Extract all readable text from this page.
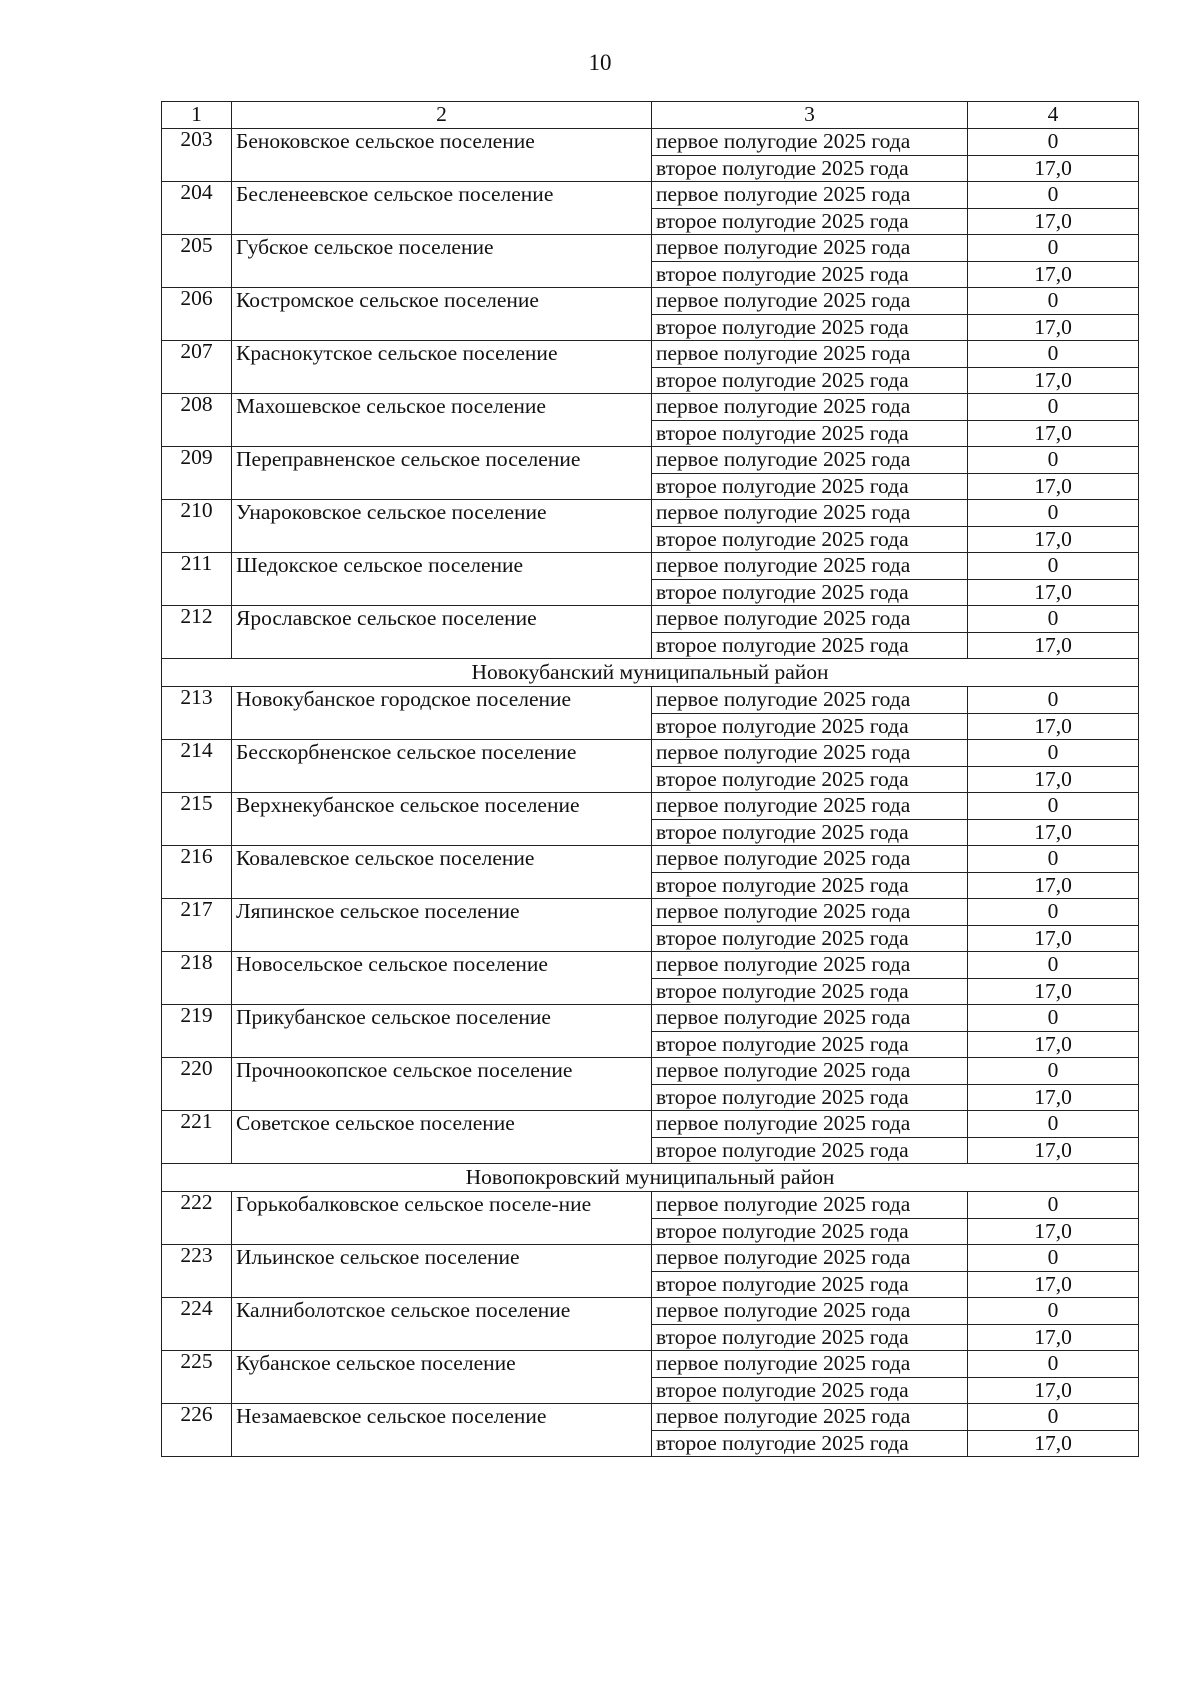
10
1	2	3	4
203	Беноковское сельское поселение	первое полугодие 2025 года	0
		второе полугодие 2025 года	17,0
204	Бесленеевское сельское поселение	первое полугодие 2025 года	0
		второе полугодие 2025 года	17,0
205	Губское сельское поселение	первое полугодие 2025 года	0
		второе полугодие 2025 года	17,0
206	Костромское сельское поселение	первое полугодие 2025 года	0
		второе полугодие 2025 года	17,0
207	Краснокутское сельское поселение	первое полугодие 2025 года	0
		второе полугодие 2025 года	17,0
208	Махошевское сельское поселение	первое полугодие 2025 года	0
		второе полугодие 2025 года	17,0
209	Переправненское сельское поселение	первое полугодие 2025 года	0
		второе полугодие 2025 года	17,0
210	Унароковское сельское поселение	первое полугодие 2025 года	0
		второе полугодие 2025 года	17,0
211	Шедокское сельское поселение	первое полугодие 2025 года	0
		второе полугодие 2025 года	17,0
212	Ярославское сельское поселение	первое полугодие 2025 года	0
		второе полугодие 2025 года	17,0
Новокубанский муниципальный район			
213	Новокубанское городское поселение	первое полугодие 2025 года	0
		второе полугодие 2025 года	17,0
214	Бесскорбненское сельское поселение	первое полугодие 2025 года	0
		второе полугодие 2025 года	17,0
215	Верхнекубанское сельское поселение	первое полугодие 2025 года	0
		второе полугодие 2025 года	17,0
216	Ковалевское сельское поселение	первое полугодие 2025 года	0
		второе полугодие 2025 года	17,0
217	Ляпинское сельское поселение	первое полугодие 2025 года	0
		второе полугодие 2025 года	17,0
218	Новосельское сельское поселение	первое полугодие 2025 года	0
		второе полугодие 2025 года	17,0
219	Прикубанское сельское поселение	первое полугодие 2025 года	0
		второе полугодие 2025 года	17,0
220	Прочноокопское сельское поселение	первое полугодие 2025 года	0
		второе полугодие 2025 года	17,0
221	Советское сельское поселение	первое полугодие 2025 года	0
		второе полугодие 2025 года	17,0
Новопокровский муниципальный район			
222	Горькобалковское сельское поселе-ние	первое полугодие 2025 года	0
		второе полугодие 2025 года	17,0
223	Ильинское сельское поселение	первое полугодие 2025 года	0
		второе полугодие 2025 года	17,0
224	Калниболотское сельское поселение	первое полугодие 2025 года	0
		второе полугодие 2025 года	17,0
225	Кубанское сельское поселение	первое полугодие 2025 года	0
		второе полугодие 2025 года	17,0
226	Незамаевское сельское поселение	первое полугодие 2025 года	0
		второе полугодие 2025 года	17,0
